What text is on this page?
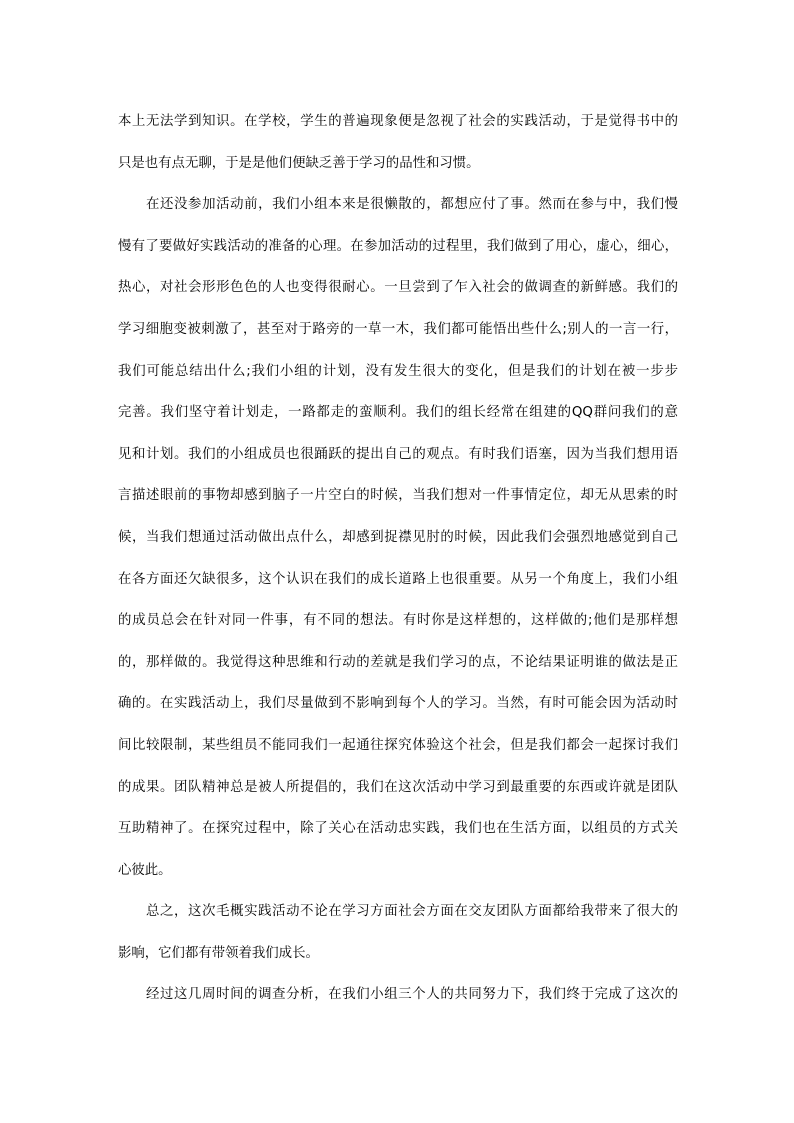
本上无法学到知识。在学校，学生的普遍现象便是忽视了社会的实践活动，于是觉得书中的
只是也有点无聊，于是是他们便缺乏善于学习的品性和习惯。
在还没参加活动前，我们小组本来是很懒散的，都想应付了事。然而在参与中，我们慢
慢有了要做好实践活动的准备的心理。在参加活动的过程里，我们做到了用心，虚心，细心，
热心，对社会形形色色的人也变得很耐心。一旦尝到了乍入社会的做调查的新鲜感。我们的
学习细胞变被刺激了，甚至对于路旁的一草一木，我们都可能悟出些什么;别人的一言一行，
我们可能总结出什么;我们小组的计划，没有发生很大的变化，但是我们的计划在被一步步
完善。我们坚守着计划走，一路都走的蛮顺利。我们的组长经常在组建的QQ群问我们的意
见和计划。我们的小组成员也很踊跃的提出自己的观点。有时我们语塞，因为当我们想用语
言描述眼前的事物却感到脑子一片空白的时候，当我们想对一件事情定位，却无从思索的时
候，当我们想通过活动做出点什么，却感到捉襟见肘的时候，因此我们会强烈地感觉到自己
在各方面还欠缺很多，这个认识在我们的成长道路上也很重要。从另一个角度上，我们小组
的成员总会在针对同一件事，有不同的想法。有时你是这样想的，这样做的;他们是那样想
的，那样做的。我觉得这种思维和行动的差就是我们学习的点，不论结果证明谁的做法是正
确的。在实践活动上，我们尽量做到不影响到每个人的学习。当然，有时可能会因为活动时
间比较限制，某些组员不能同我们一起通往探究体验这个社会，但是我们都会一起探讨我们
的成果。团队精神总是被人所提倡的，我们在这次活动中学习到最重要的东西或许就是团队
互助精神了。在探究过程中，除了关心在活动忠实践，我们也在生活方面，以组员的方式关
心彼此。
总之，这次毛概实践活动不论在学习方面社会方面在交友团队方面都给我带来了很大的
影响，它们都有带领着我们成长。
经过这几周时间的调查分析，在我们小组三个人的共同努力下，我们终于完成了这次的
